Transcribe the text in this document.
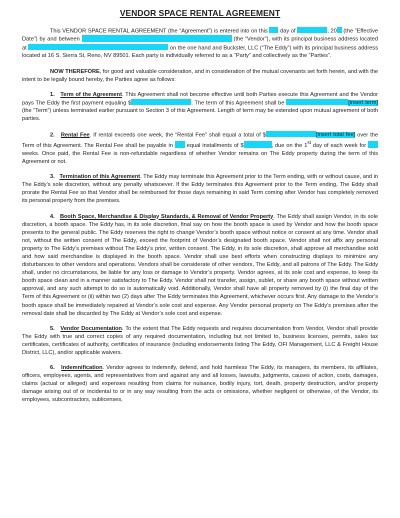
VENDOR SPACE RENTAL AGREEMENT

This VENDOR SPACE RENTAL AGREEMENT (the “Agreement”) is entered into on this day of	, 20 (the “Effective Date”) by and between	(the “Vendor”), with its principal business address located at	on the one hand and Buckster, LLC (“The Eddy”) with its principal business address located at 16 S. Sierra St, Reno, NV 89501. Each party is individually referred to as a “Party” and collectively as the “Parties”.

NOW THEREFORE, for good and valuable consideration, and in consideration of the mutual covenants set forth herein, and with the intent to be legally bound hereby, the Parties agree as follows:

1. Term of the Agreement. This Agreement shall not become effective until both Parties execute this Agreement and the Vendor pays The Eddy the first payment equaling $	. The term of this Agreement shall be	[insert term] (the “Term”) unless terminated earlier pursuant to Section 3 of this Agreement. Length of term may be extended upon mutual agreement of both parties.

2. Rental Fee. If rental exceeds one week, the “Rental Fee” shall equal a total of $	[insert total fee] over the Term of this Agreement. The Rental Fee shall be payable in  equal installments of $	, due on the 1st day of each week for  weeks. Once paid, the Rental Fee is non-refundable regardless of whether Vendor remains on The Eddy property during the term of this Agreement or not.

3. Termination of this Agreement. The Eddy may terminate this Agreement prior to the Term ending, with or without cause, and in The Eddy’s sole discretion, without any penalty whatsoever. If the Eddy terminates this Agreement prior to the Term ending, The Eddy shall prorate the Rental Fee so that Vendor shall be reimbursed for those days remaining in said Term coming after Vendor has completely removed its personal property from the premises.

4. Booth Space, Merchandise & Display Standards, & Removal of Vendor Property. The Eddy shall assign Vendor, in its sole discretion, a booth space. The Eddy has, in its sole discretion, final say on how the booth space is used by Vendor and how the booth space presents to the general public. The Eddy reserves the right to change Vendor’s booth space without notice or consent at any time. Vendor shall not, without the written consent of The Eddy, exceed the footprint of Vendor’s designated booth space. Vendor shall not affix any personal property to The Eddy’s premises without The Eddy’s prior, written consent. The Eddy, in its sole discretion, shall approve all merchandise sold and how said merchandise is displayed in the booth space. Vendor shall use best efforts when constructing displays to minimize any disturbances to other vendors and operations. Vendors shall be considerate of other vendors, The Eddy, and all patrons of The Eddy. The Eddy shall, under no circumstances, be liable for any loss or damage to Vendor’s property. Vendor agrees, at its sole cost and expense, to keep its booth space clean and in a manner satisfactory to The Eddy. Vendor shall not transfer, assign, sublet, or share any booth space without written approval, and any such attempt to do so is automatically void. Additionally, Vendor shall have all property removed by (i) the final day of the Term of this Agreement or (ii) within two (2) days after The Eddy terminates this Agreement, whichever occurs first. Any damage to the Vendor’s booth space shall be immediately repaired at Vendor’s sole cost and expense. Any Vendor personal property on The Eddy’s premises after the removal date shall be discarded by The Eddy at Vendor’s sole cost and expense.

5. Vendor Documentation. To the extent that The Eddy requests and requires documentation from Vendor, Vendor shall provide The Eddy with true and correct copies of any required documentation, including but not limited to, business licenses, permits, sales tax certificates, certificates of authority, certificates of insurance (including endorsements listing The Eddy, OFI Management, LLC & Freight House District, LLC), and/or applicable waivers.

6. Indemnification. Vendor agrees to indemnify, defend, and hold harmless The Eddy, its managers, its members, its affiliates, officers, employees, agents, and representatives from and against any and all losses, lawsuits, judgments, causes of action, costs, damages, claims (actual or alleged) and expenses resulting from claims for nuisance, bodily injury, tort, death, property destruction, and/or property damage arising out of or incidental to or in any way resulting from the acts or omissions, whether negligent or otherwise, of the Vendor, its employees, subcontractors, sublicenses,
